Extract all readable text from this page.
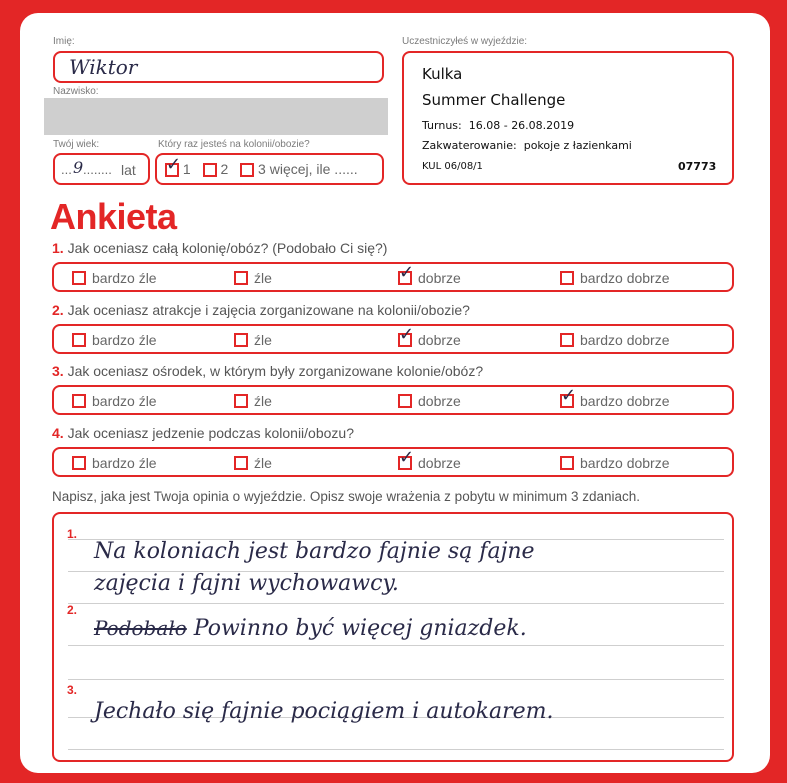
Imię:
Wiktor
Nazwisko:
Twój wiek:
... 9 ........ lat
Który raz jesteś na kolonii/obozie?
✓ 1 2 3 więcej, ile ......
Uczestniczyłeś w wyjeździe:
Kulka
Summer Challenge
Turnus: 16.08 - 26.08.2019
Zakwaterowanie: pokoje z łazienkami
KUL 06/08/1	07773
Ankieta
1. Jak oceniasz całą kolonię/obóz? (Podobało Ci się?)
bardzo źle	źle	✓ dobrze	bardzo dobrze
2. Jak oceniasz atrakcje i zajęcia zorganizowane na kolonii/obozie?
bardzo źle	źle	✓ dobrze	bardzo dobrze
3. Jak oceniasz ośrodek, w którym były zorganizowane kolonie/obóz?
bardzo źle	źle	dobrze	✓ bardzo dobrze
4. Jak oceniasz jedzenie podczas kolonii/obozu?
bardzo źle	źle	✓ dobrze	bardzo dobrze
Napisz, jaka jest Twoja opinia o wyjeździe. Opisz swoje wrażenia z pobytu w minimum 3 zdaniach.
1.
2.
3.
Na koloniach jest bardzo fajnie są fajne
zajęcia i fajni wychowawcy.
Podobało Powinno być więcej gniazdek.
Jechało się fajnie pociągiem i autokarem.
